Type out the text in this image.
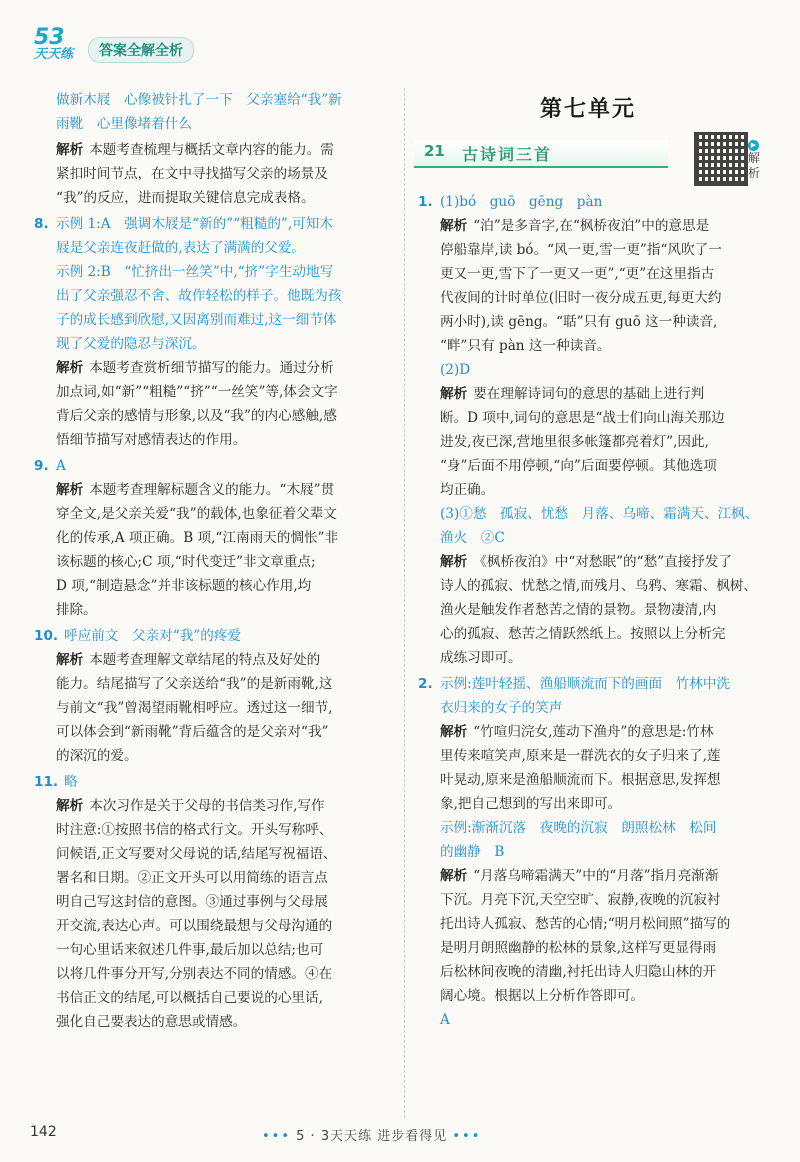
53
天天练	答案全解全析

做新木屐　心像被针扎了一下　父亲塞给“我”新

雨靴　心里像堵着什么

解析 本题考查梳理与概括文章内容的能力。需

紧扣时间节点，在文中寻找描写父亲的场景及

“我”的反应，进而提取关键信息完成表格。

8. 示例 1:A　强调木屐是“新的”“粗糙的”,可知木

屐是父亲连夜赶做的,表达了满满的父爱。

示例 2:B　“忙挤出一丝笑”中,“挤”字生动地写

出了父亲强忍不舍、故作轻松的样子。他既为孩

子的成长感到欣慰,又因离别而难过,这一细节体

现了父爱的隐忍与深沉。

解析 本题考查赏析细节描写的能力。通过分析

加点词,如“新”“粗糙”“挤”“一丝笑”等,体会文字

背后父亲的感情与形象,以及“我”的内心感触,感

悟细节描写对感情表达的作用。

9. A

解析 本题考查理解标题含义的能力。“木屐”贯

穿全文,是父亲关爱“我”的载体,也象征着父辈文

化的传承,A 项正确。B 项,“江南雨天的惆怅”非

该标题的核心;C 项,“时代变迁”非文章重点;

D 项,“制造悬念”并非该标题的核心作用,均

排除。

10. 呼应前文　父亲对“我”的疼爱

解析 本题考查理解文章结尾的特点及好处的

能力。结尾描写了父亲送给“我”的是新雨靴,这

与前文“我”曾渴望雨靴相呼应。透过这一细节,

可以体会到“新雨靴”背后蕴含的是父亲对“我”

的深沉的爱。

11. 略

解析 本次习作是关于父母的书信类习作,写作

时注意:①按照书信的格式行文。开头写称呼、

问候语,正文写要对父母说的话,结尾写祝福语、

署名和日期。②正文开头可以用简练的语言点

明自己写这封信的意图。③通过事例与父母展

开交流,表达心声。可以围绕最想与父母沟通的

一句心里话来叙述几件事,最后加以总结;也可

以将几件事分开写,分别表达不同的情感。④在

书信正文的结尾,可以概括自己要说的心里话,

强化自己要表达的意思或情感。

第七单元
21 古诗词三首	▶ 解析

1. (1)bó　guō　gēng　pàn

解析 “泊”是多音字,在“枫桥夜泊”中的意思是

停船靠岸,读 bó。“风一更,雪一更”指“风吹了一

更又一更,雪下了一更又一更”,“更”在这里指古

代夜间的计时单位(旧时一夜分成五更,每更大约

两小时),读 gēng。“聒”只有 guō 这一种读音,

“畔”只有 pàn 这一种读音。

(2)D

解析 要在理解诗词句的意思的基础上进行判

断。D 项中,词句的意思是“战士们向山海关那边

进发,夜已深,营地里很多帐篷都亮着灯”,因此,

“身”后面不用停顿,“向”后面要停顿。其他选项

均正确。

(3)①愁　孤寂、忧愁　月落、乌啼、霜满天、江枫、

渔火　②C

解析 《枫桥夜泊》中“对愁眠”的“愁”直接抒发了

诗人的孤寂、忧愁之情,而残月、乌鸦、寒霜、枫树、

渔火是触发作者愁苦之情的景物。景物凄清,内

心的孤寂、愁苦之情跃然纸上。按照以上分析完

成练习即可。

2. 示例:莲叶轻摇、渔船顺流而下的画面　竹林中洗

衣归来的女子的笑声

解析 “竹喧归浣女,莲动下渔舟”的意思是:竹林

里传来喧笑声,原来是一群洗衣的女子归来了,莲

叶晃动,原来是渔船顺流而下。根据意思,发挥想

象,把自己想到的写出来即可。

示例:渐渐沉落　夜晚的沉寂　朗照松林　松间

的幽静　B

解析 “月落乌啼霜满天”中的“月落”指月亮渐渐

下沉。月亮下沉,天空空旷、寂静,夜晚的沉寂衬

托出诗人孤寂、愁苦的心情;“明月松间照”描写的

是明月朗照幽静的松林的景象,这样写更显得雨

后松林间夜晚的清幽,衬托出诗人归隐山林的开

阔心境。根据以上分析作答即可。

A

142	••• 5 · 3天天练 进步看得见 •••
